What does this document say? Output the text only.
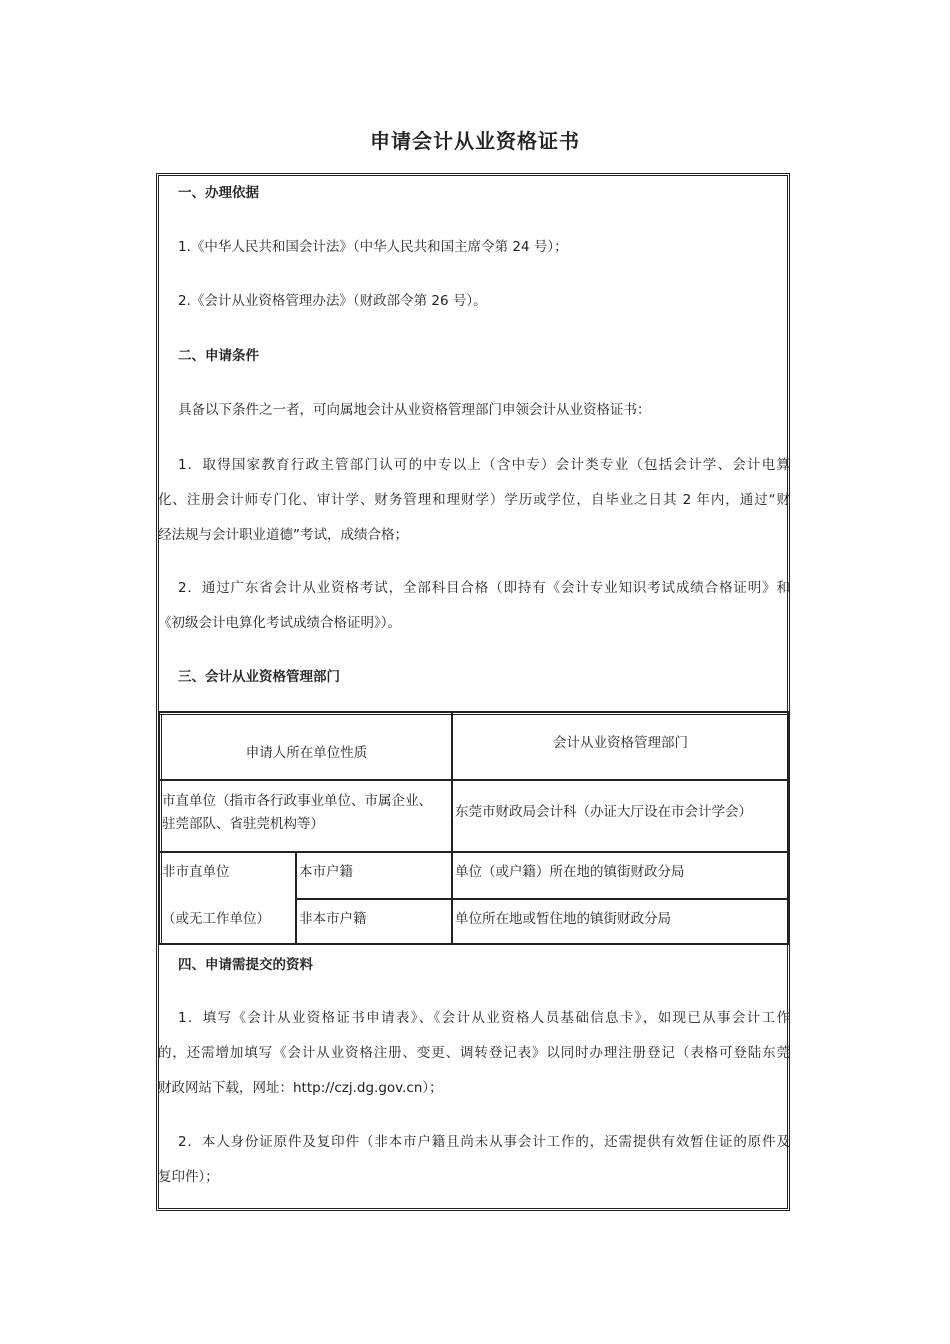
申请会计从业资格证书
一、办理依据
1.《中华人民共和国会计法》（中华人民共和国主席令第 24 号）；
2.《会计从业资格管理办法》（财政部令第 26 号）。
二、申请条件
具备以下条件之一者，可向属地会计从业资格管理部门申领会计从业资格证书：
1．取得国家教育行政主管部门认可的中专以上（含中专）会计类专业（包括会计学、会计电算
化、注册会计师专门化、审计学、财务管理和理财学）学历或学位，自毕业之日其 2 年内，通过“财
经法规与会计职业道德”考试，成绩合格；
2．通过广东省会计从业资格考试，全部科目合格（即持有《会计专业知识考试成绩合格证明》和
《初级会计电算化考试成绩合格证明》）。
三、会计从业资格管理部门
申请人所在单位性质
会计从业资格管理部门
市直单位（指市各行政事业单位、市属企业、
驻莞部队、省驻莞机构等）
东莞市财政局会计科（办证大厅设在市会计学会）
非市直单位
（或无工作单位）
本市户籍	单位（或户籍）所在地的镇街财政分局
非本市户籍	单位所在地或暂住地的镇街财政分局
四、申请需提交的资料
1．填写《会计从业资格证书申请表》、《会计从业资格人员基础信息卡》，如现已从事会计工作
的，还需增加填写《会计从业资格注册、变更、调转登记表》以同时办理注册登记（表格可登陆东莞
财政网站下载，网址：http://czj.dg.gov.cn）；
2．本人身份证原件及复印件（非本市户籍且尚未从事会计工作的，还需提供有效暂住证的原件及
复印件）；
